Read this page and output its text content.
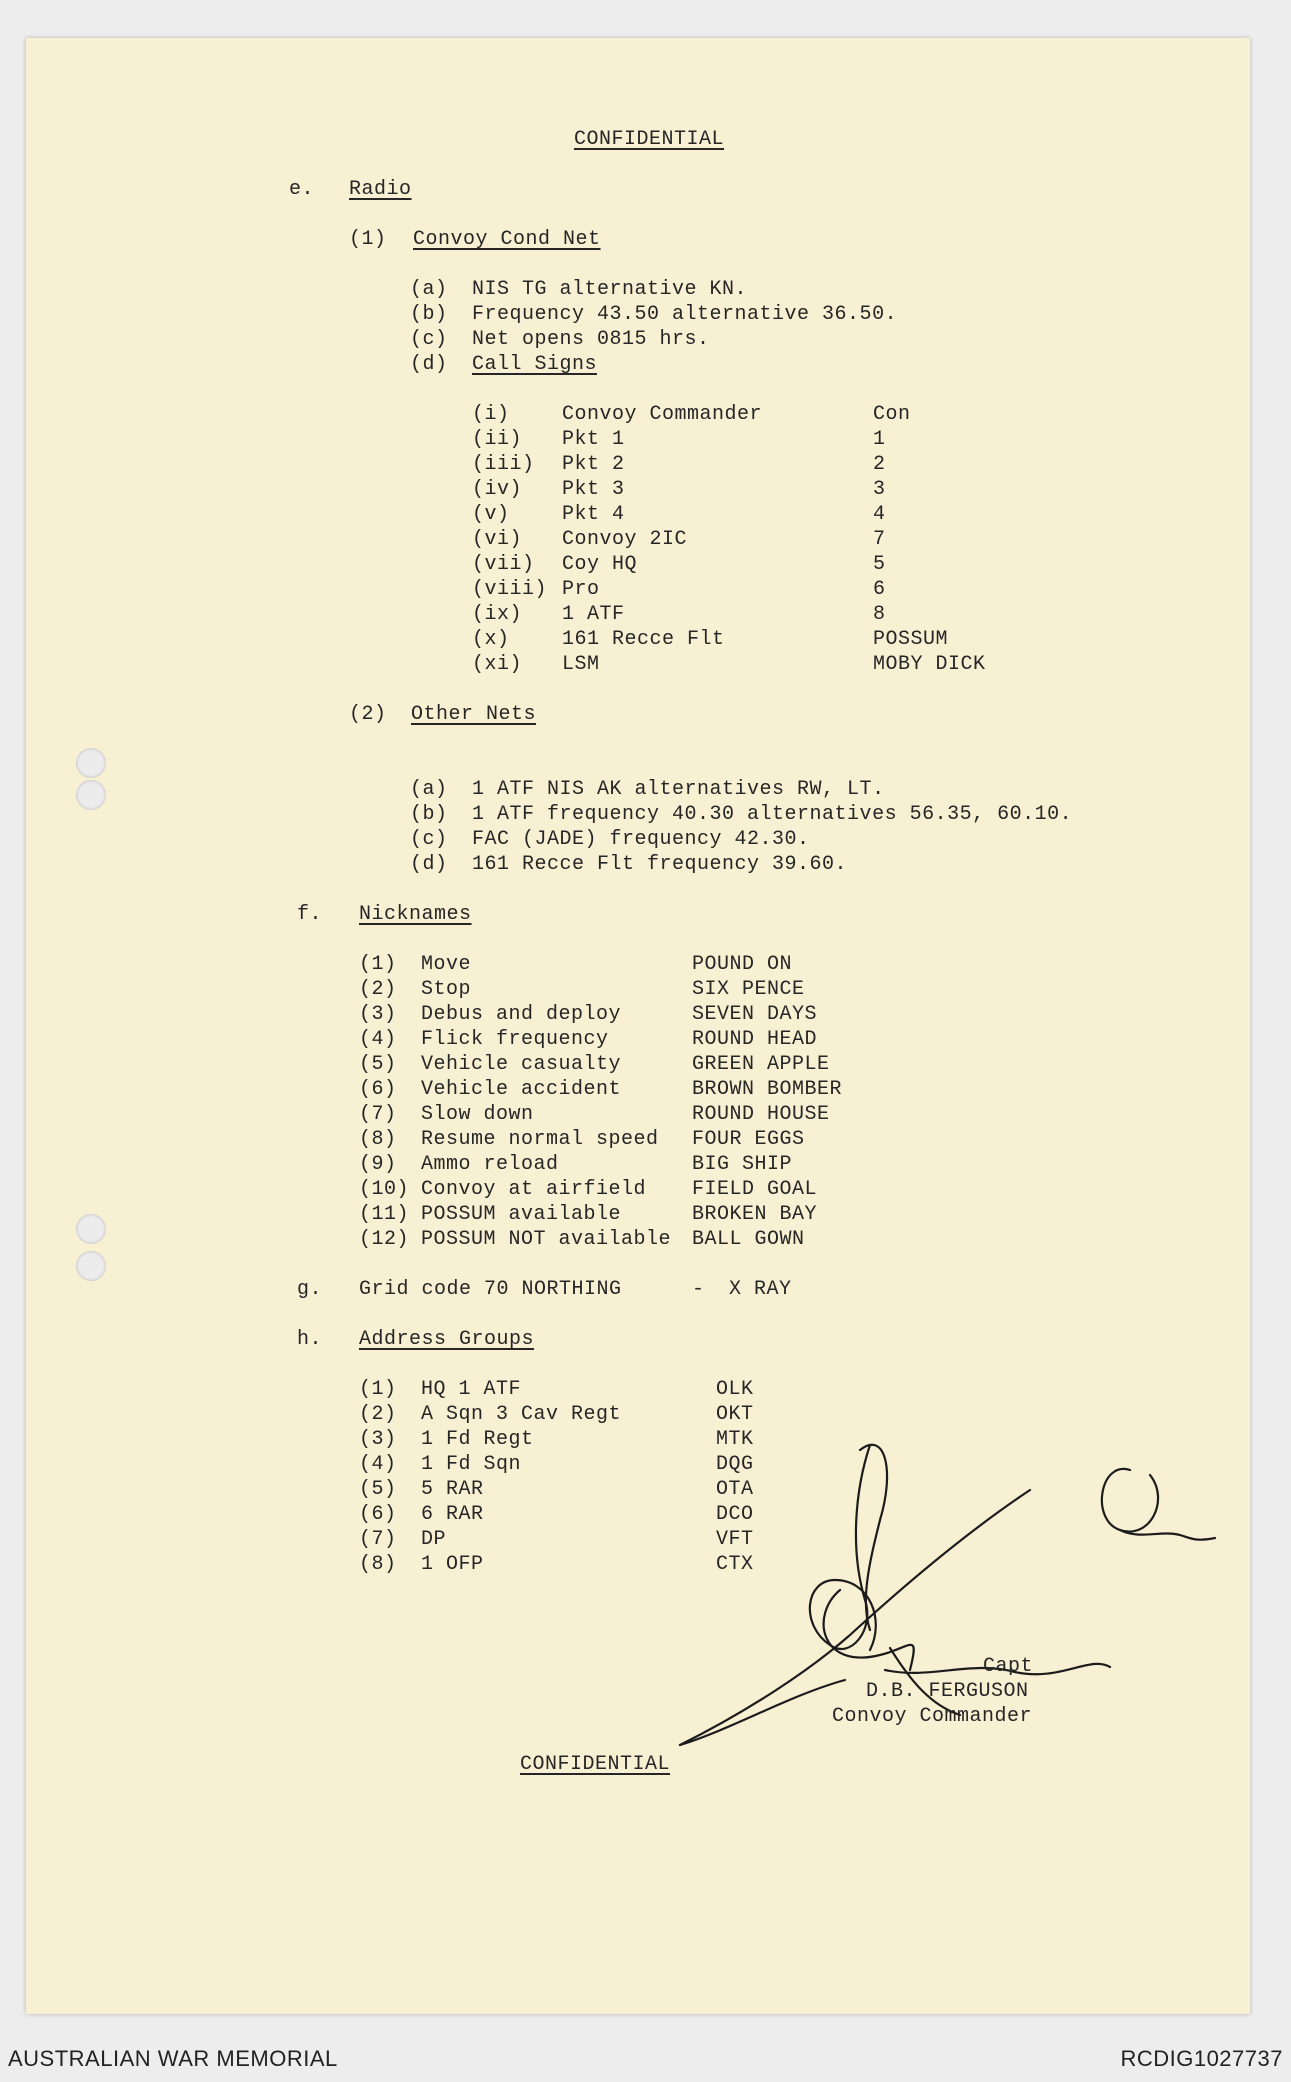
CONFIDENTIAL
e. Radio
(1) Convoy Cond Net
(a) NIS TG alternative KN.
(b) Frequency 43.50 alternative 36.50.
(c) Net opens 0815 hrs.
(d) Call Signs
(i)	Convoy Commander	Con
(ii) Pkt 1	1
(iii) Pkt 2	2
(iv) Pkt 3	3
(v)	Pkt 4	4
(vi) Convoy 2IC	7
(vii) Coy HQ	5
(viii) Pro	6
(ix) 1 ATF	8
(x)	161 Recce Flt	POSSUM
(xi) LSM	MOBY DICK
(2) Other Nets
(a) 1 ATF NIS AK alternatives RW, LT.
(b) 1 ATF frequency 40.30 alternatives 56.35, 60.10.
(c) FAC (JADE) frequency 42.30.
(d) 161 Recce Flt frequency 39.60.
f. Nicknames
(1) Move	POUND ON
(2) Stop	SIX PENCE
(3) Debus and deploy	SEVEN DAYS
(4) Flick frequency	ROUND HEAD
(5) Vehicle casualty	GREEN APPLE
(6) Vehicle accident	BROWN BOMBER
(7) Slow down	ROUND HOUSE
(8) Resume normal speed FOUR EGGS
(9) Ammo reload	BIG SHIP
(10) Convoy at airfield FIELD GOAL
(11) POSSUM available	BROKEN BAY
(12) POSSUM NOT available BALL GOWN
g. Grid code 70 NORTHING	- X RAY
h. Address Groups
(1) HQ 1 ATF	OLK
(2) A Sqn 3 Cav Regt	OKT
(3) 1 Fd Regt	MTK
(4) 1 Fd Sqn	DQG
(5) 5 RAR	OTA
(6) 6 RAR	DCO
(7) DP	VFT
(8) 1 OFP	CTX
Capt
D.B. FERGUSON
Convoy Commander
CONFIDENTIAL
AUSTRALIAN WAR MEMORIAL	RCDIG1027737
